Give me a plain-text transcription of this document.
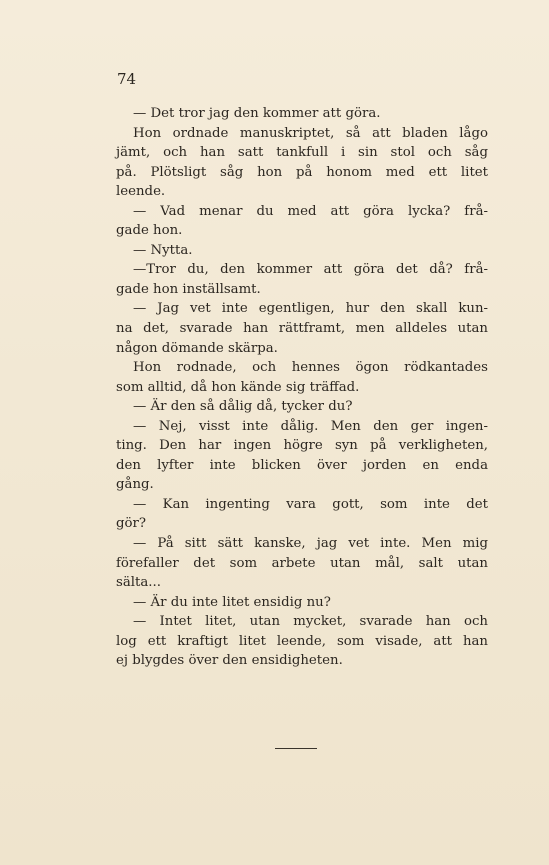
74
— Det tror jag den kommer att göra.
Hon ordnade manuskriptet, så att bladen lågo
jämt, och han satt tankfull i sin stol och såg
på. Plötsligt såg hon på honom med ett litet
leende.
— Vad menar du med att göra lycka? frå-
gade hon.
— Nytta.
—Tror du, den kommer att göra det då? frå-
gade hon inställsamt.
— Jag vet inte egentligen, hur den skall kun-
na det, svarade han rättframt, men alldeles utan
någon dömande skärpa.
Hon rodnade, och hennes ögon rödkantades
som alltid, då hon kände sig träffad.
— Är den så dålig då, tycker du?
— Nej, visst inte dålig. Men den ger ingen-
ting. Den har ingen högre syn på verkligheten,
den lyfter inte blicken över jorden en enda
gång.
— Kan ingenting vara gott, som inte det
gör?
— På sitt sätt kanske, jag vet inte. Men mig
förefaller det som arbete utan mål, salt utan
sälta...
— Är du inte litet ensidig nu?
— Intet litet, utan mycket, svarade han och
log ett kraftigt litet leende, som visade, att han
ej blygdes över den ensidigheten.
